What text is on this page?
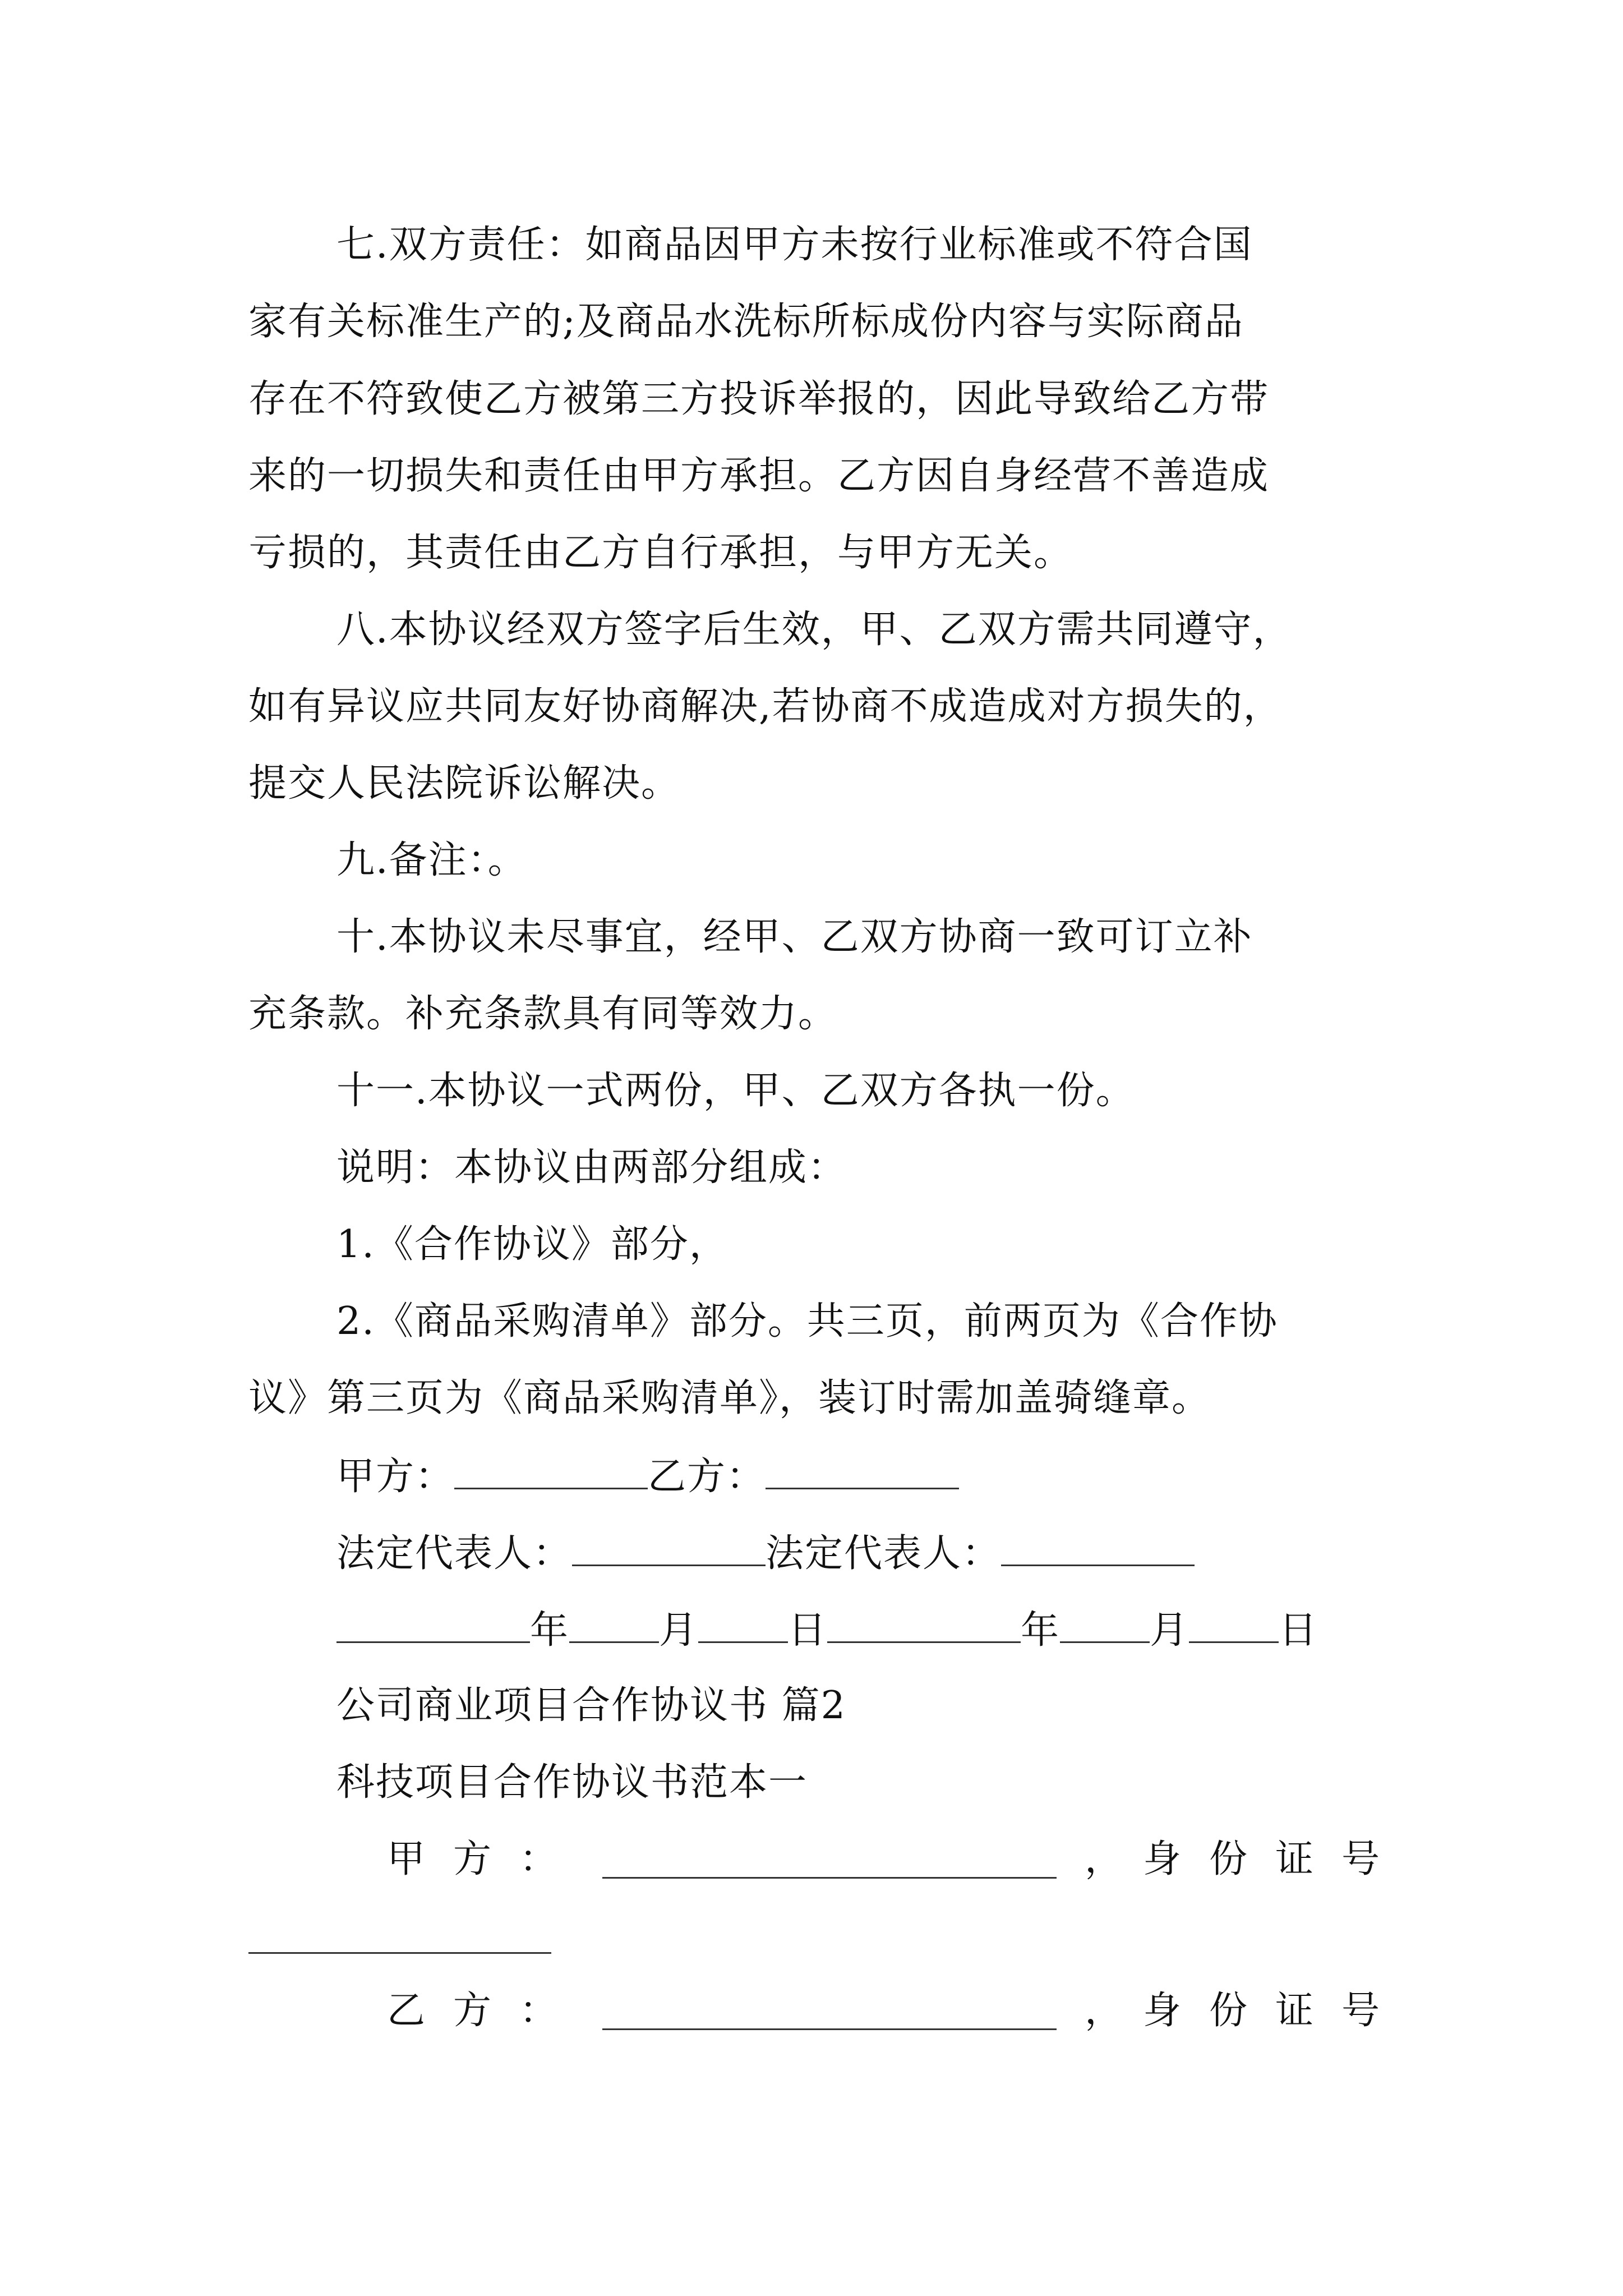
七.双方责任：如商品因甲方未按行业标准或不符合国
家有关标准生产的;及商品水洗标所标成份内容与实际商品
存在不符致使乙方被第三方投诉举报的，因此导致给乙方带
来的一切损失和责任由甲方承担。乙方因自身经营不善造成
亏损的，其责任由乙方自行承担，与甲方无关。
八.本协议经双方签字后生效，甲、乙双方需共同遵守，
如有异议应共同友好协商解决,若协商不成造成对方损失的，
提交人民法院诉讼解决。
九.备注：。
十.本协议未尽事宜，经甲、乙双方协商一致可订立补
充条款。补充条款具有同等效力。
十一.本协议一式两份，甲、乙双方各执一份。
说明：本协议由两部分组成：
1.《合作协议》部分，
2.《商品采购清单》部分。共三页，前两页为《合作协
议》第三页为《商品采购清单》，装订时需加盖骑缝章。
甲方：	乙方：
法定代表人：	法定代表人：
年 月 日	年 月 日
公司商业项目合作协议书 篇2
科技项目合作协议书范本一
甲 方 ：	， 身 份 证 号
乙 方 ：	， 身 份 证 号
